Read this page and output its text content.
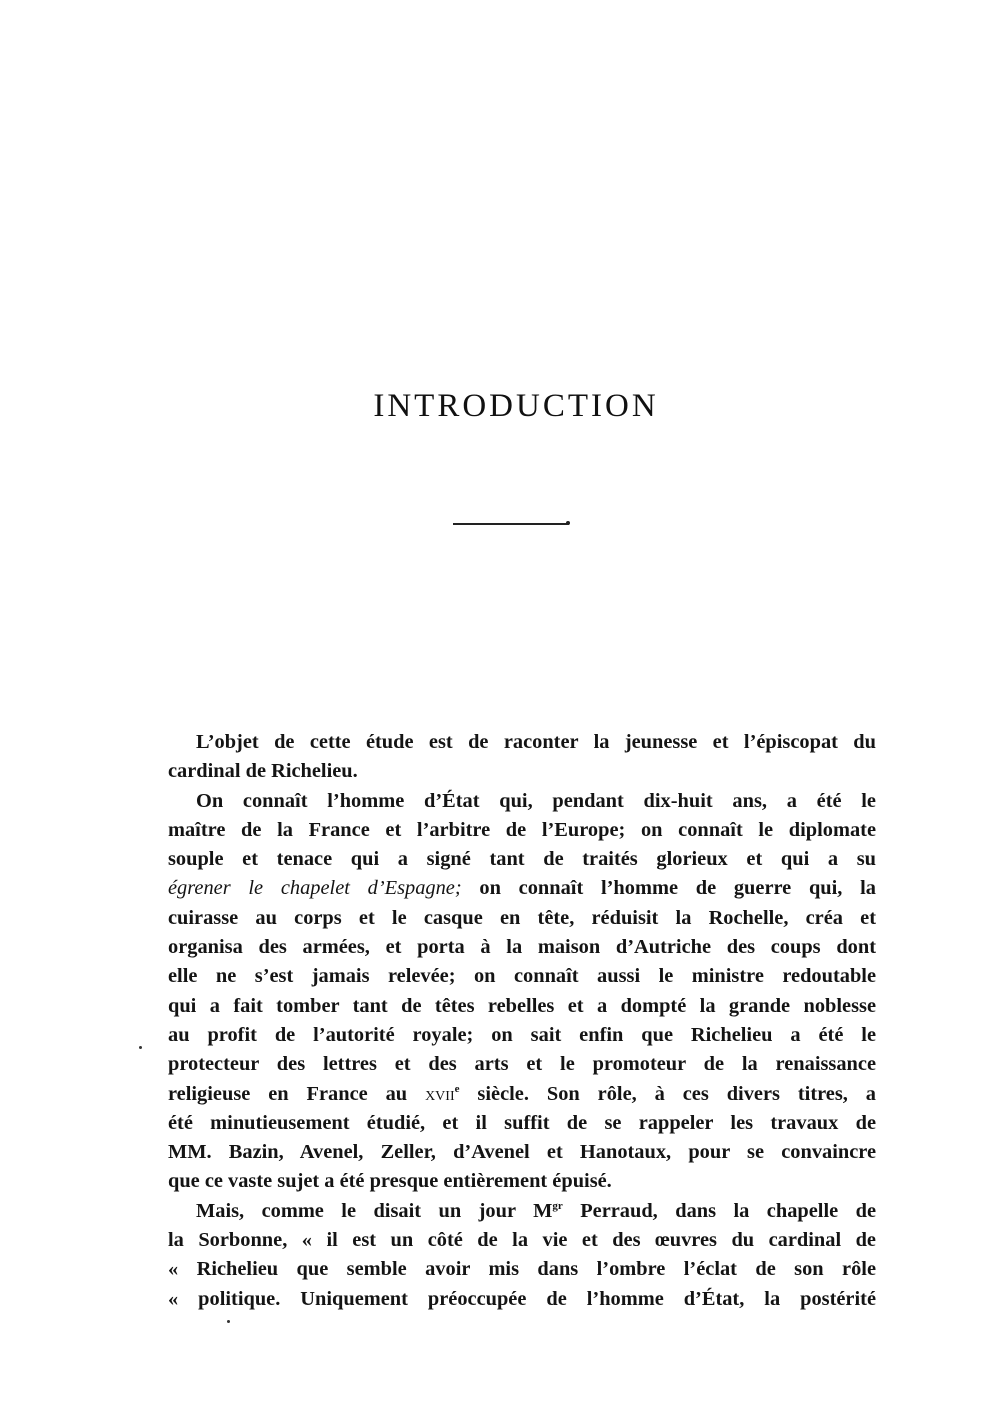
INTRODUCTION
L’objet de cette étude est de raconter la jeunesse et l’épiscopat du
cardinal de Richelieu.
On connaît l’homme d’État qui, pendant dix-huit ans, a été le
maître de la France et l’arbitre de l’Europe; on connaît le diplomate
souple et tenace qui a signé tant de traités glorieux et qui a su
égrener le chapelet d’Espagne; on connaît l’homme de guerre qui, la
cuirasse au corps et le casque en tête, réduisit la Rochelle, créa et
organisa des armées, et porta à la maison d’Autriche des coups dont
elle ne s’est jamais relevée; on connaît aussi le ministre redoutable
qui a fait tomber tant de têtes rebelles et a dompté la grande noblesse
au profit de l’autorité royale; on sait enfin que Richelieu a été le
protecteur des lettres et des arts et le promoteur de la renaissance
religieuse en France au xvii$^e$ siècle. Son rôle, à ces divers titres, a
été minutieusement étudié, et il suffit de se rappeler les travaux de
MM. Bazin, Avenel, Zeller, d’Avenel et Hanotaux, pour se convaincre
que ce vaste sujet a été presque entièrement épuisé.
Mais, comme le disait un jour $M^{gr}$ Perraud, dans la chapelle de
la Sorbonne, « il est un côté de la vie et des œuvres du cardinal de
« Richelieu que semble avoir mis dans l’ombre l’éclat de son rôle
« politique. Uniquement préoccupée de l’homme d’État, la postérité
